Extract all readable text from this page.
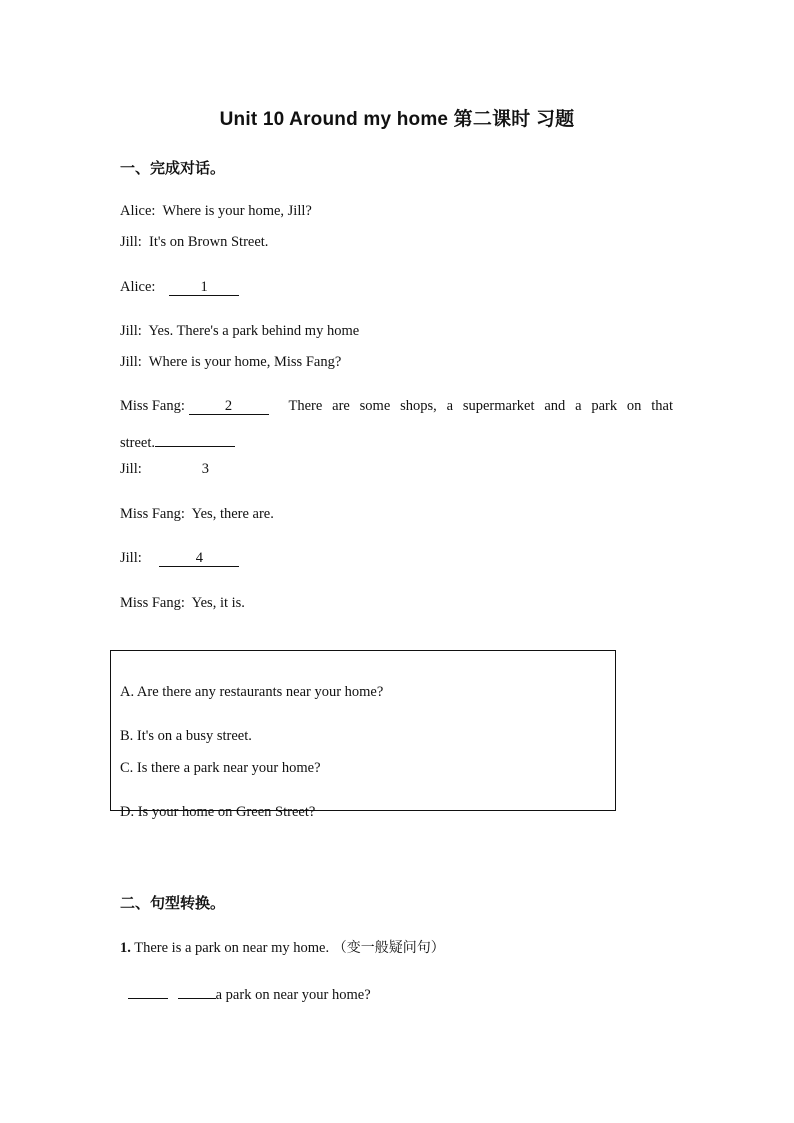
Unit 10 Around my home 第二课时 习题
一、完成对话。
Alice: Where is your home, Jill?
Jill: It's on Brown Street.
Alice:	1
Jill: Yes. There's a park behind my home
Jill: Where is your home, Miss Fang?
Miss Fang:	2	There are some shops, a supermarket and a park on that
street.
Jill:	3
Miss Fang: Yes, there are.
Jill:	4
Miss Fang: Yes, it is.
A. Are there any restaurants near your home?
B. It's on a busy street.
C. Is there a park near your home?
D. Is your home on Green Street?
二、句型转换。
1. There is a park on near my home. （变一般疑问句）
a park on near your home?
